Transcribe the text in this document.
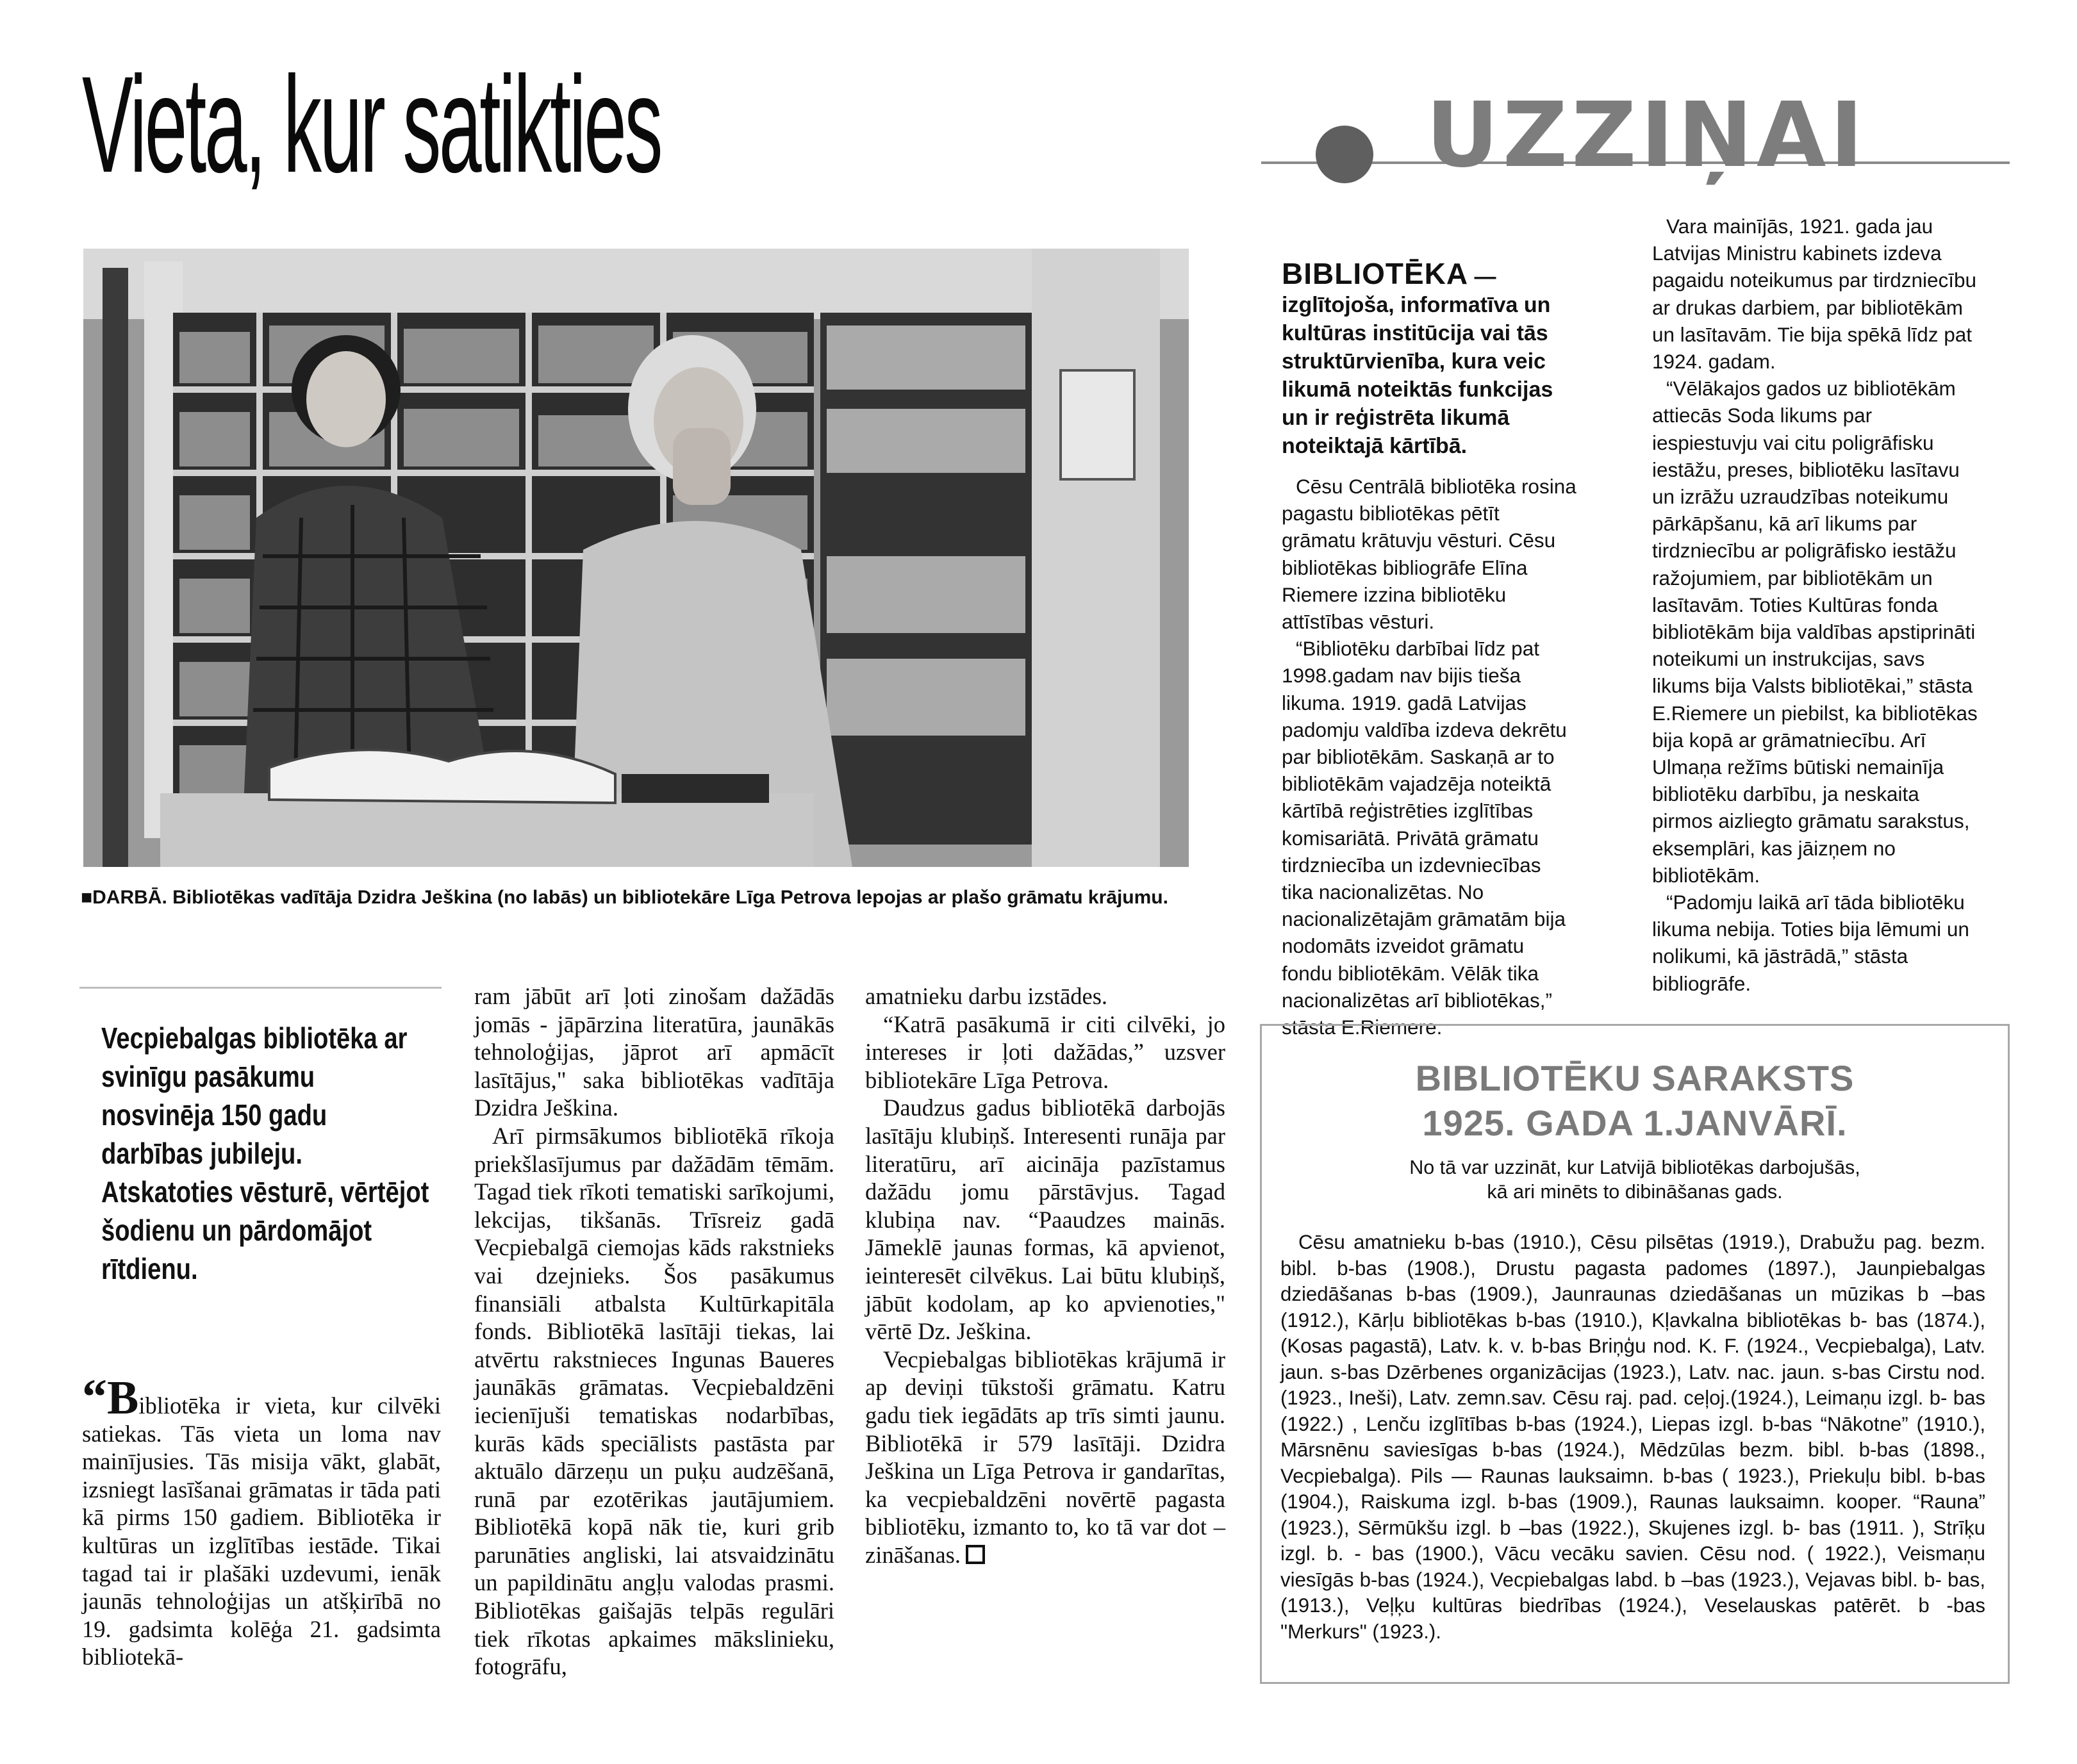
Vieta, kur satikties
■DARBĀ. Bibliotēkas vadītāja Dzidra Ješkina (no labās) un bibliotekāre Līga Petrova lepojas ar plašo grāmatu krājumu.
Vecpiebalgas bibliotēka ar svinīgu pasākumu nosvinēja 150 gadu darbības jubileju. Atskatoties vēsturē, vērtējot šodienu un pārdomājot rītdienu.

“Bibliotēka ir vieta, kur cilvēki satiekas. Tās vieta un loma nav mainījusies. Tās misija vākt, glabāt, izsniegt lasīšanai grāmatas ir tāda pati kā pirms 150 gadiem. Bibliotēka ir kultūras un izglītības iestāde. Tikai tagad tai ir plašāki uzdevumi, ienāk jaunās tehnoloģijas un atšķirībā no 19. gadsimta kolēģa 21. gadsimta bibliotekā-

ram jābūt arī ļoti zinošam dažādās jomās - jāpārzina literatūra, jaunākās tehnoloģijas, jāprot arī apmācīt lasītājus," saka bibliotēkas vadītāja Dzidra Ješkina.

Arī pirmsākumos bibliotēkā rīkoja priekšlasījumus par dažādām tēmām. Tagad tiek rīkoti tematiski sarīkojumi, lekcijas, tikšanās. Trīsreiz gadā Vecpiebalgā ciemojas kāds rakstnieks vai dzejnieks. Šos pasākumus finansiāli atbalsta Kultūrkapitāla fonds. Bibliotēkā lasītāji tiekas, lai atvērtu rakstnieces Ingunas Baueres jaunākās grāmatas. Vecpiebaldzēni iecienījuši tematiskas nodarbības, kurās kāds speciālists pastāsta par aktuālo dārzeņu un puķu audzēšanā, runā par ezotērikas jautājumiem. Bibliotēkā kopā nāk tie, kuri grib parunāties angliski, lai atsvaidzinātu un papildinātu angļu valodas prasmi. Bibliotēkas gaišajās telpās regulāri tiek rīkotas apkaimes mākslinieku, fotogrāfu,

amatnieku darbu izstādes.

“Katrā pasākumā ir citi cilvēki, jo intereses ir ļoti dažādas,” uzsver bibliotekāre Līga Petrova.

Daudzus gadus bibliotēkā darbojās lasītāju klubiņš. Interesenti runāja par literatūru, arī aicināja pazīstamus dažādu jomu pārstāvjus. Tagad klubiņa nav. “Paaudzes mainās. Jāmeklē jaunas formas, kā apvienot, ieinteresēt cilvēkus. Lai būtu klubiņš, jābūt kodolam, ap ko apvienoties," vērtē Dz. Ješkina.

Vecpiebalgas bibliotēkas krājumā ir ap deviņi tūkstoši grāmatu. Katru gadu tiek iegādāts ap trīs simti jaunu. Bibliotēkā ir 579 lasītāji. Dzidra Ješkina un Līga Petrova ir gandarītas, ka vecpiebaldzēni novērtē pagasta bibliotēku, izmanto to, ko tā var dot – zināšanas.

UZZIŅAI
BIBLIOTĒKA — izglītojoša, informatīva un kultūras institūcija vai tās struktūrvienība, kura veic likumā noteiktās funkcijas un ir reģistrēta likumā noteiktajā kārtībā.

Cēsu Centrālā bibliotēka rosina pagastu bibliotēkas pētīt grāmatu krātuvju vēsturi. Cēsu bibliotēkas bibliogrāfe Elīna Riemere izzina bibliotēku attīstības vēsturi.

“Bibliotēku darbībai līdz pat 1998.gadam nav bijis tieša likuma. 1919. gadā Latvijas padomju valdība izdeva dekrētu par bibliotēkām. Saskaņā ar to bibliotēkām vajadzēja noteiktā kārtībā reģistrēties izglītības komisariātā. Privātā grāmatu tirdzniecība un izdevniecības tika nacionalizētas. No nacionalizētajām grāmatām bija nodomāts izveidot grāmatu fondu bibliotēkām. Vēlāk tika nacionalizētas arī bibliotēkas,” stāsta E.Riemere.

Vara mainījās, 1921. gada jau Latvijas Ministru kabinets izdeva pagaidu noteikumus par tirdzniecību ar drukas darbiem, par bibliotēkām un lasītavām. Tie bija spēkā līdz pat 1924. gadam.

“Vēlākajos gados uz bibliotēkām attiecās Soda likums par iespiestuvju vai citu poligrāfisku iestāžu, preses, bibliotēku lasītavu un izrāžu uzraudzības noteikumu pārkāpšanu, kā arī likums par tirdzniecību ar poligrāfisko iestāžu ražojumiem, par bibliotēkām un lasītavām. Toties Kultūras fonda bibliotēkām bija valdības apstiprināti noteikumi un instrukcijas, savs likums bija Valsts bibliotēkai,” stāsta E.Riemere un piebilst, ka bibliotēkas bija kopā ar grāmatniecību. Arī Ulmaņa režīms būtiski nemainīja bibliotēku darbību, ja neskaita pirmos aizliegto grāmatu sarakstus, eksemplāri, kas jāizņem no bibliotēkām.

“Padomju laikā arī tāda bibliotēku likuma nebija. Toties bija lēmumi un nolikumi, kā jāstrādā,” stāsta bibliogrāfe.

BIBLIOTĒKU SARAKSTS
1925. GADA 1.JANVĀRĪ.
No tā var uzzināt, kur Latvijā bibliotēkas darbojušās,
kā ari minēts to dibināšanas gads.
Cēsu amatnieku b-bas (1910.), Cēsu pilsētas (1919.), Drabužu pag. bezm. bibl. b-bas (1908.), Drustu pagasta padomes (1897.), Jaunpiebalgas dziedāšanas b-bas (1909.), Jaunraunas dziedāšanas un mūzikas b –bas (1912.), Kārļu bibliotēkas b-bas (1910.), Kļavkalna bibliotēkas b- bas (1874.),(Kosas pagastā), Latv. k. v. b-bas Briņģu nod. K. F. (1924., Vecpiebalga), Latv. jaun. s-bas Dzērbenes organizācijas (1923.), Latv. nac. jaun. s-bas Cirstu nod.(1923., Ineši), Latv. zemn.sav. Cēsu raj. pad. ceļoj.(1924.), Leimaņu izgl. b- bas (1922.) , Lenču izglītības b-bas (1924.), Liepas izgl. b-bas “Nākotne” (1910.), Mārsnēnu saviesīgas b-bas (1924.), Mēdzūlas bezm. bibl. b-bas (1898., Vecpiebalga). Pils — Raunas lauksaimn. b-bas ( 1923.), Priekuļu bibl. b-bas (1904.), Raiskuma izgl. b-bas (1909.), Raunas lauksaimn. kooper. “Rauna” (1923.), Sērmūkšu izgl. b –bas (1922.), Skujenes izgl. b- bas (1911. ), Strīķu izgl. b. - bas (1900.), Vācu vecāku savien. Cēsu nod. ( 1922.), Veismaņu viesīgās b-bas (1924.), Vecpiebalgas labd. b –bas (1923.), Vejavas bibl. b- bas, (1913.), Veļķu kultūras biedrības (1924.), Veselauskas patērēt. b -bas "Merkurs" (1923.).
